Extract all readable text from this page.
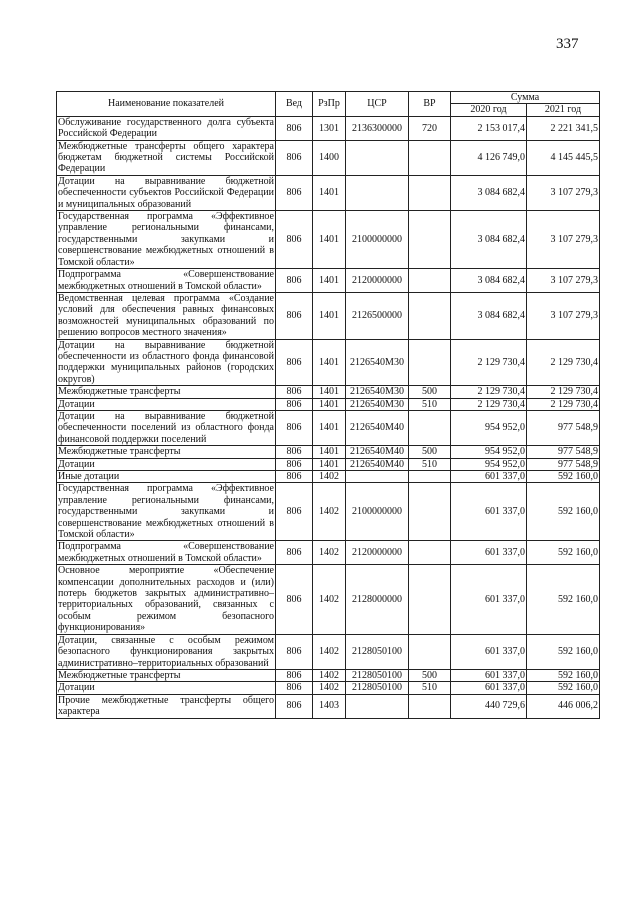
337
Наименование показателей	Вед	РзПр	ЦСР	ВР	Сумма	
					2020 год	2021 год
Обслуживание государственного долга субъекта Российской Федерации	806	1301	2136300000	720	2 153 017,4	2 221 341,5
Межбюджетные трансферты общего характера бюджетам бюджетной системы Российской Федерации	806	1400			4 126 749,0	4 145 445,5
Дотации на выравнивание бюджетной обеспеченности субъектов Российской Федерации и муниципальных образований	806	1401			3 084 682,4	3 107 279,3
Государственная программа «Эффективное управление региональными финансами, государственными закупками и совершенствование межбюджетных отношений в Томской области»	806	1401	2100000000		3 084 682,4	3 107 279,3
Подпрограмма «Совершенствование межбюджетных отношений в Томской области»	806	1401	2120000000		3 084 682,4	3 107 279,3
Ведомственная целевая программа «Создание условий для обеспечения равных финансовых возможностей муниципальных образований по решению вопросов местного значения»	806	1401	2126500000		3 084 682,4	3 107 279,3
Дотации на выравнивание бюджетной обеспеченности из областного фонда финансовой поддержки муниципальных районов (городских округов)	806	1401	2126540М30		2 129 730,4	2 129 730,4
Межбюджетные трансферты	806	1401	2126540М30	500	2 129 730,4	2 129 730,4
Дотации	806	1401	2126540М30	510	2 129 730,4	2 129 730,4
Дотации на выравнивание бюджетной обеспеченности поселений из областного фонда финансовой поддержки поселений	806	1401	2126540М40		954 952,0	977 548,9
Межбюджетные трансферты	806	1401	2126540М40	500	954 952,0	977 548,9
Дотации	806	1401	2126540М40	510	954 952,0	977 548,9
Иные дотации	806	1402			601 337,0	592 160,0
Государственная программа «Эффективное управление региональными финансами, государственными закупками и совершенствование межбюджетных отношений в Томской области»	806	1402	2100000000		601 337,0	592 160,0
Подпрограмма «Совершенствование межбюджетных отношений в Томской области»	806	1402	2120000000		601 337,0	592 160,0
Основное мероприятие «Обеспечение компенсации дополнительных расходов и (или) потерь бюджетов закрытых административно–территориальных образований, связанных с особым режимом безопасного функционирования»	806	1402	2128000000		601 337,0	592 160,0
Дотации, связанные с особым режимом безопасного функционирования закрытых административно–территориальных образований	806	1402	2128050100		601 337,0	592 160,0
Межбюджетные трансферты	806	1402	2128050100	500	601 337,0	592 160,0
Дотации	806	1402	2128050100	510	601 337,0	592 160,0
Прочие межбюджетные трансферты общего характера	806	1403			440 729,6	446 006,2
